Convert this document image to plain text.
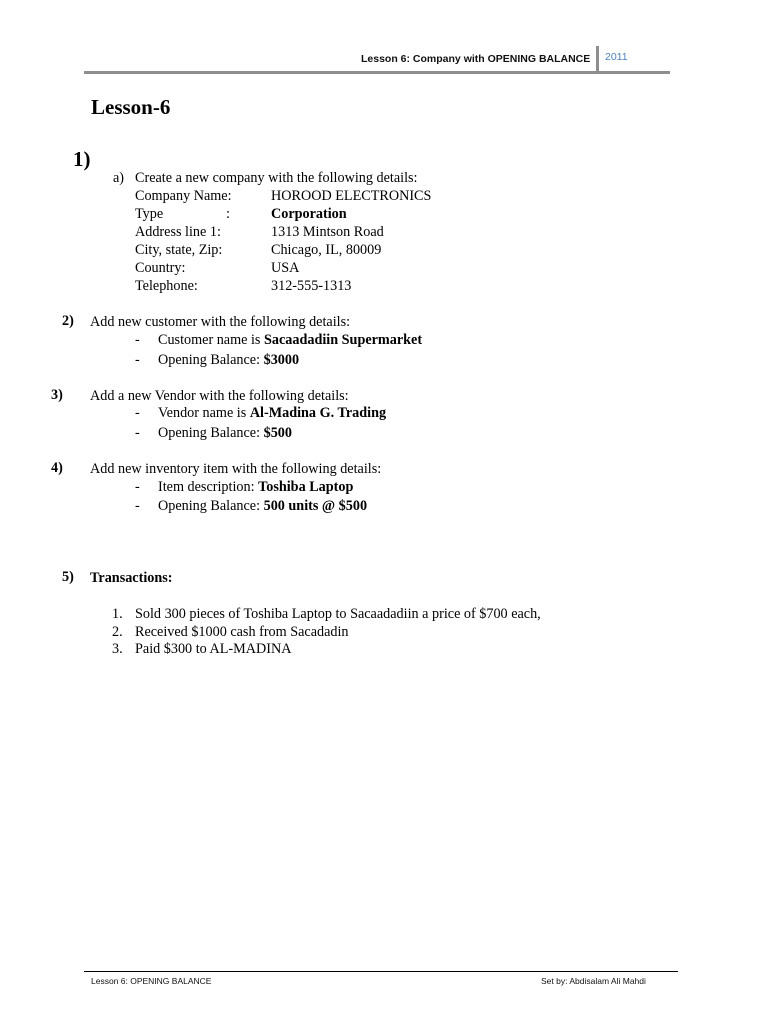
Lesson 6: Company with OPENING BALANCE 2011
Lesson-6
1)
a) Create a new company with the following details:
Company Name:	HOROOD ELECTRONICS
Type	:	Corporation
Address line 1:	1313 Mintson Road
City, state, Zip:	Chicago, IL, 80009
Country:	USA
Telephone:	312-555-1313
2) Add new customer with the following details:
- Customer name is Sacaadadiin Supermarket
- Opening Balance: $3000
3) Add a new Vendor with the following details:
- Vendor name is Al-Madina G. Trading
- Opening Balance: $500
4) Add new inventory item with the following details:
- Item description: Toshiba Laptop
- Opening Balance: 500 units @ $500
5) Transactions:
1. Sold 300 pieces of Toshiba Laptop to Sacaadadiin a price of $700 each,
2. Received $1000 cash from Sacadadin
3. Paid $300 to AL-MADINA
Lesson 6: OPENING BALANCE	Set by: Abdisalam Ali Mahdi
